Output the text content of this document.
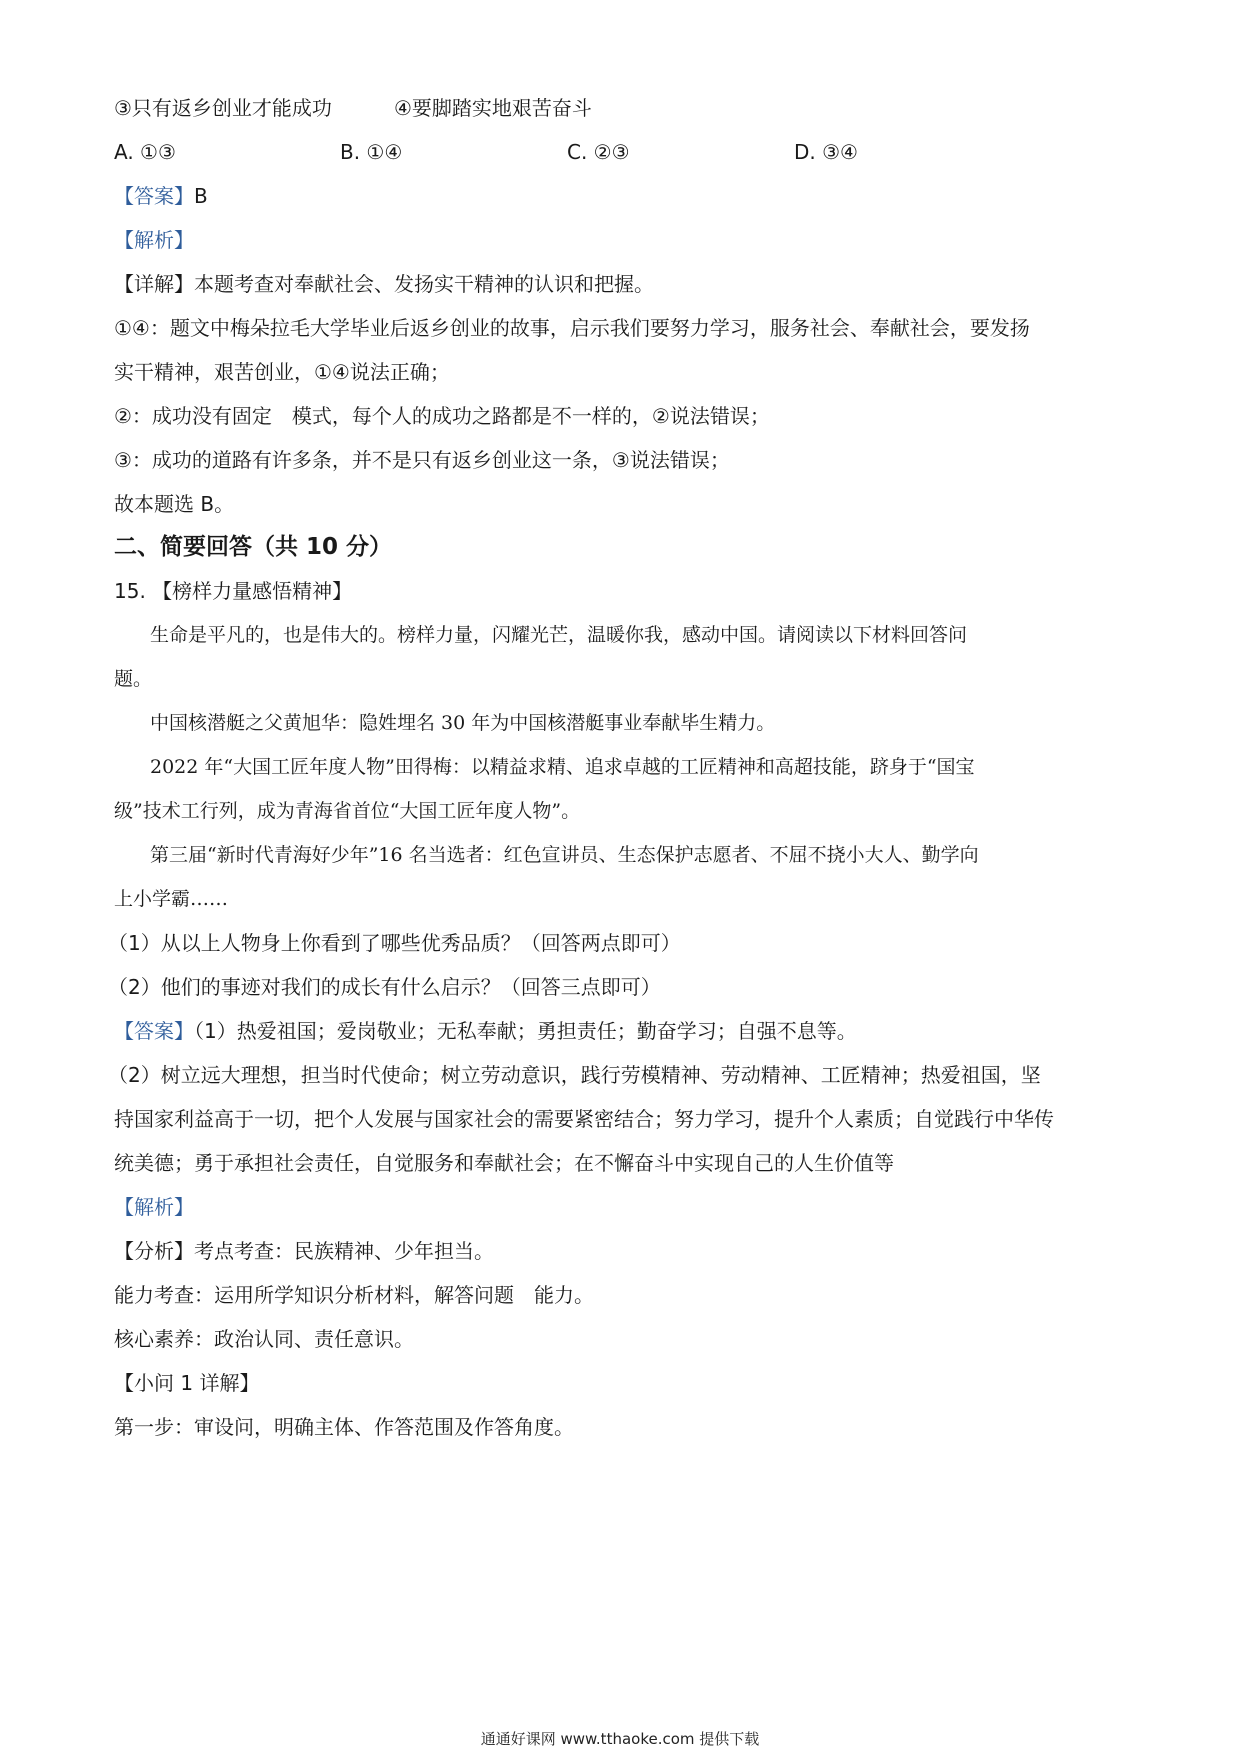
③只有返乡创业才能成功	④要脚踏实地艰苦奋斗
A. ①③	B. ①④	C. ②③	D. ③④
【答案】B
【解析】
【详解】本题考查对奉献社会、发扬实干精神的认识和把握。
①④：题文中梅朵拉毛大学毕业后返乡创业的故事，启示我们要努力学习，服务社会、奉献社会，要发扬
实干精神，艰苦创业，①④说法正确；
②：成功没有固定　模式，每个人的成功之路都是不一样的，②说法错误；
③：成功的道路有许多条，并不是只有返乡创业这一条，③说法错误；
故本题选 B。
二、简要回答（共 10 分）
15. 【榜样力量感悟精神】
生命是平凡的，也是伟大的。榜样力量，闪耀光芒，温暖你我，感动中国。请阅读以下材料回答问
题。
中国核潜艇之父黄旭华：隐姓埋名 30 年为中国核潜艇事业奉献毕生精力。
2022 年“大国工匠年度人物”田得梅：以精益求精、追求卓越的工匠精神和高超技能，跻身于“国宝
级”技术工行列，成为青海省首位“大国工匠年度人物”。
第三届“新时代青海好少年”16 名当选者：红色宣讲员、生态保护志愿者、不屈不挠小大人、勤学向
上小学霸……
（1）从以上人物身上你看到了哪些优秀品质？（回答两点即可）
（2）他们的事迹对我们的成长有什么启示？（回答三点即可）
【答案】（1）热爱祖国；爱岗敬业；无私奉献；勇担责任；勤奋学习；自强不息等。
（2）树立远大理想，担当时代使命；树立劳动意识，践行劳模精神、劳动精神、工匠精神；热爱祖国，坚
持国家利益高于一切，把个人发展与国家社会的需要紧密结合；努力学习，提升个人素质；自觉践行中华传
统美德；勇于承担社会责任，自觉服务和奉献社会；在不懈奋斗中实现自己的人生价值等
【解析】
【分析】考点考查：民族精神、少年担当。
能力考查：运用所学知识分析材料，解答问题　能力。
核心素养：政治认同、责任意识。
【小问 1 详解】
第一步：审设问，明确主体、作答范围及作答角度。
通通好课网 www.tthaoke.com 提供下载
